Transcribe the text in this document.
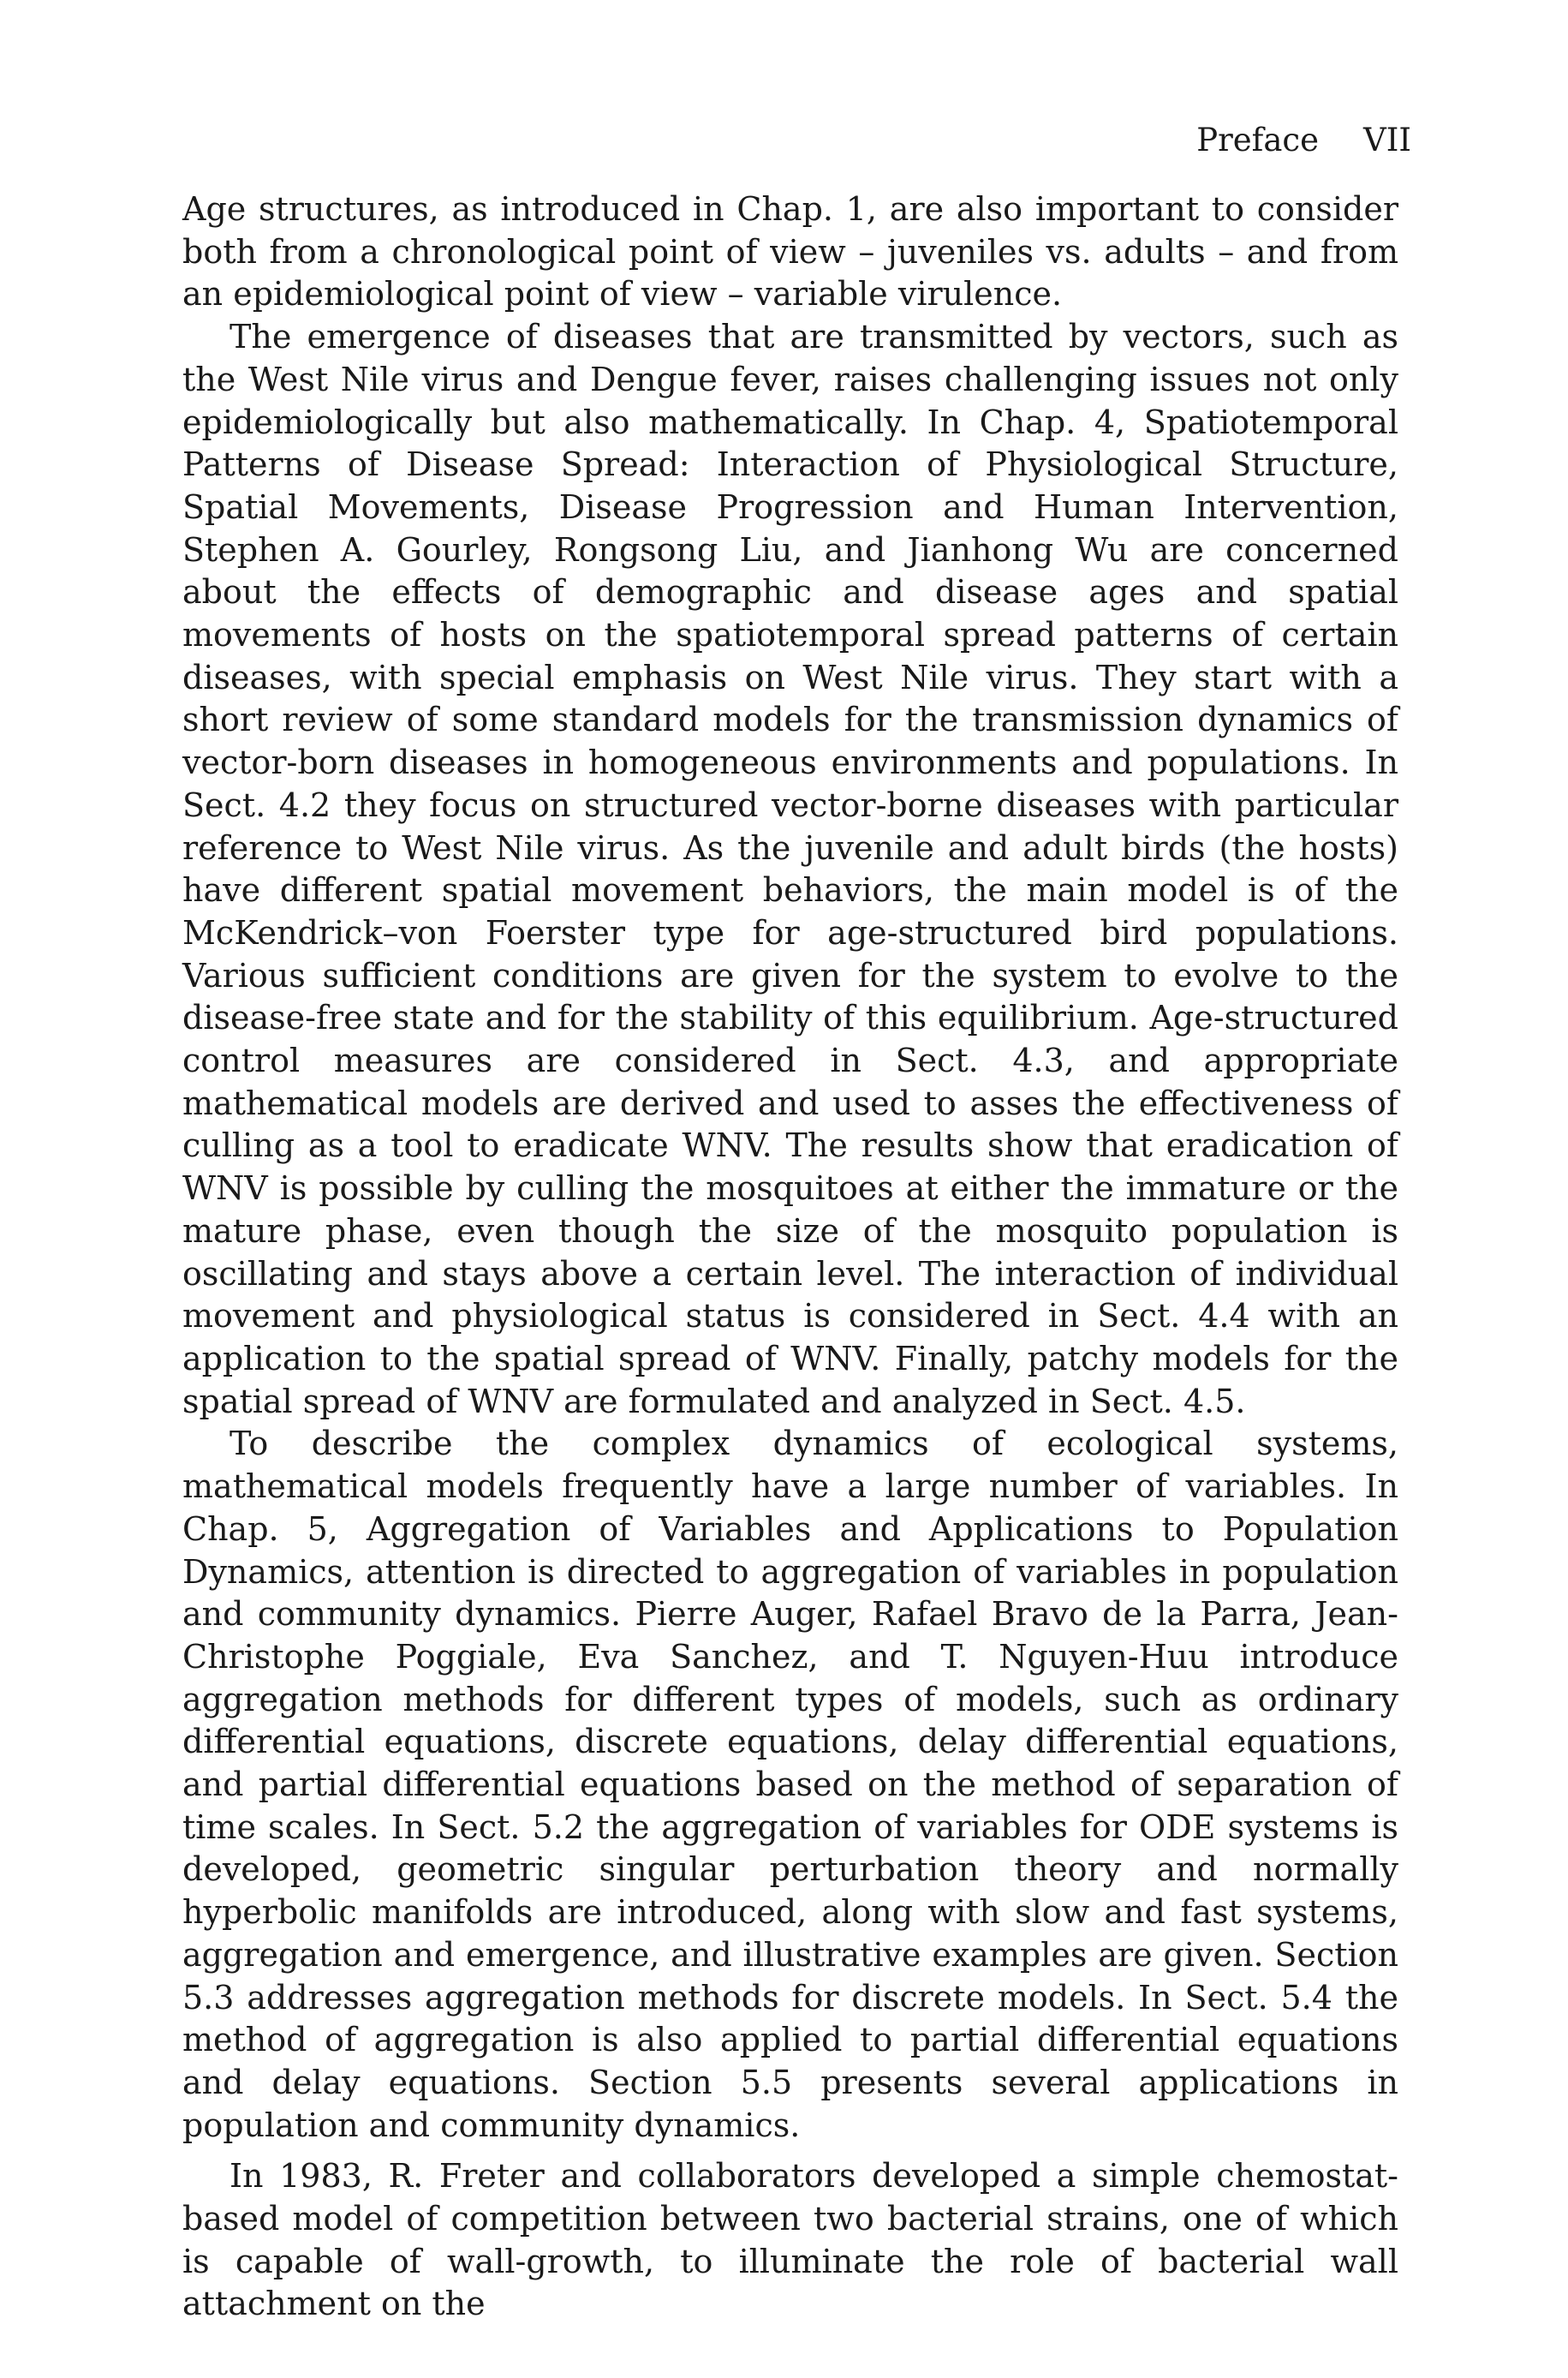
Preface VII

Age structures, as introduced in Chap. 1, are also important to consider both from a chronological point of view – juveniles vs. adults – and from an epidemiological point of view – variable virulence.

The emergence of diseases that are transmitted by vectors, such as the West Nile virus and Dengue fever, raises challenging issues not only epidemiologically but also mathematically. In Chap. 4, Spatiotemporal Patterns of Disease Spread: Interaction of Physiological Structure, Spatial Movements, Disease Progression and Human Intervention, Stephen A. Gourley, Rongsong Liu, and Jianhong Wu are concerned about the effects of demographic and disease ages and spatial movements of hosts on the spatiotemporal spread patterns of certain diseases, with special emphasis on West Nile virus. They start with a short review of some standard models for the transmission dynamics of vector-born diseases in homogeneous environments and populations. In Sect. 4.2 they focus on structured vector-borne diseases with particular reference to West Nile virus. As the juvenile and adult birds (the hosts) have different spatial movement behaviors, the main model is of the McKendrick–von Foerster type for age-structured bird populations. Various sufficient conditions are given for the system to evolve to the disease-free state and for the stability of this equilibrium. Age-structured control measures are considered in Sect. 4.3, and appropriate mathematical models are derived and used to asses the effectiveness of culling as a tool to eradicate WNV. The results show that eradication of WNV is possible by culling the mosquitoes at either the immature or the mature phase, even though the size of the mosquito population is oscillating and stays above a certain level. The interaction of individual movement and physiological status is considered in Sect. 4.4 with an application to the spatial spread of WNV. Finally, patchy models for the spatial spread of WNV are formulated and analyzed in Sect. 4.5.

To describe the complex dynamics of ecological systems, mathematical models frequently have a large number of variables. In Chap. 5, Aggregation of Variables and Applications to Population Dynamics, attention is directed to aggregation of variables in population and community dynamics. Pierre Auger, Rafael Bravo de la Parra, Jean-Christophe Poggiale, Eva Sanchez, and T. Nguyen-Huu introduce aggregation methods for different types of models, such as ordinary differential equations, discrete equations, delay differential equations, and partial differential equations based on the method of separation of time scales. In Sect. 5.2 the aggregation of variables for ODE systems is developed, geometric singular perturbation theory and normally hyperbolic manifolds are introduced, along with slow and fast systems, aggregation and emergence, and illustrative examples are given. Section 5.3 addresses aggregation methods for discrete models. In Sect. 5.4 the method of aggregation is also applied to partial differential equations and delay equations. Section 5.5 presents several applications in population and community dynamics.

In 1983, R. Freter and collaborators developed a simple chemostat-based model of competition between two bacterial strains, one of which is capable of wall-growth, to illuminate the role of bacterial wall attachment on the
